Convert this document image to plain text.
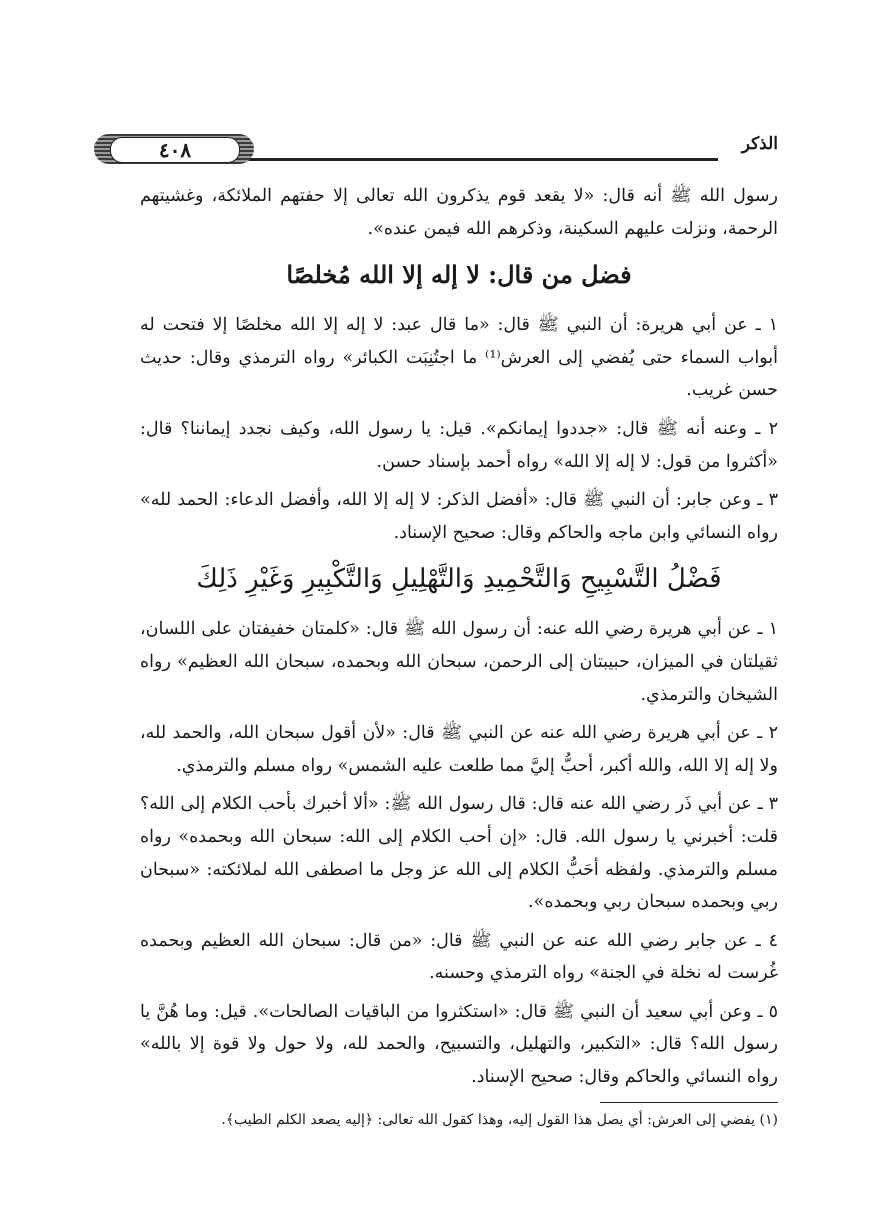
٤٠٨	الذكر

رسول الله ﷺ أنه قال: «لا يقعد قوم يذكرون الله تعالى إلا حفتهم الملائكة، وغشيتهم الرحمة، ونزلت عليهم السكينة، وذكرهم الله فيمن عنده».

فضل من قال: لا إله إلا الله مُخلصًا

١ ـ عن أبي هريرة: أن النبي ﷺ قال: «ما قال عبد: لا إله إلا الله مخلصًا إلا فتحت له أبواب السماء حتى يُفضي إلى العرش⁽¹⁾ ما اجتُنِبَت الكبائر» رواه الترمذي وقال: حديث حسن غريب.

٢ ـ وعنه أنه ﷺ قال: «جددوا إيمانكم». قيل: يا رسول الله، وكيف نجدد إيماننا؟ قال: «أكثروا من قول: لا إله إلا الله» رواه أحمد بإسناد حسن.

٣ ـ وعن جابر: أن النبي ﷺ قال: «أفضل الذكر: لا إله إلا الله، وأفضل الدعاء: الحمد لله» رواه النسائي وابن ماجه والحاكم وقال: صحيح الإسناد.

فَضْلُ التَّسْبِيحِ وَالتَّحْمِيدِ وَالتَّهْلِيلِ وَالتَّكْبِيرِ وَغَيْرِ ذَلِكَ

١ ـ عن أبي هريرة رضي الله عنه: أن رسول الله ﷺ قال: «كلمتان خفيفتان على اللسان، ثقيلتان في الميزان، حبيبتان إلى الرحمن، سبحان الله وبحمده، سبحان الله العظيم» رواه الشيخان والترمذي.

٢ ـ عن أبي هريرة رضي الله عنه عن النبي ﷺ قال: «لأن أقول سبحان الله، والحمد لله، ولا إله إلا الله، والله أكبر، أحبُّ إليَّ مما طلعت عليه الشمس» رواه مسلم والترمذي.

٣ ـ عن أبي ذَر رضي الله عنه قال: قال رسول الله ﷺ: «ألا أخبرك بأحب الكلام إلى الله؟ قلت: أخبرني يا رسول الله. قال: «إن أحب الكلام إلى الله: سبحان الله وبحمده» رواه مسلم والترمذي. ولفظه أحَبُّ الكلام إلى الله عز وجل ما اصطفى الله لملائكته: «سبحان ربي وبحمده سبحان ربي وبحمده».

٤ ـ عن جابر رضي الله عنه عن النبي ﷺ قال: «من قال: سبحان الله العظيم وبحمده غُرست له نخلة في الجنة» رواه الترمذي وحسنه.

٥ ـ وعن أبي سعيد أن النبي ﷺ قال: «استكثروا من الباقيات الصالحات». قيل: وما هُنَّ يا رسول الله؟ قال: «التكبير، والتهليل، والتسبيح، والحمد لله، ولا حول ولا قوة إلا بالله» رواه النسائي والحاكم وقال: صحيح الإسناد.

(١) يفضي إلى العرش: أي يصل هذا القول إليه، وهذا كقول الله تعالى: ﴿إليه يصعد الكلم الطيب﴾.
